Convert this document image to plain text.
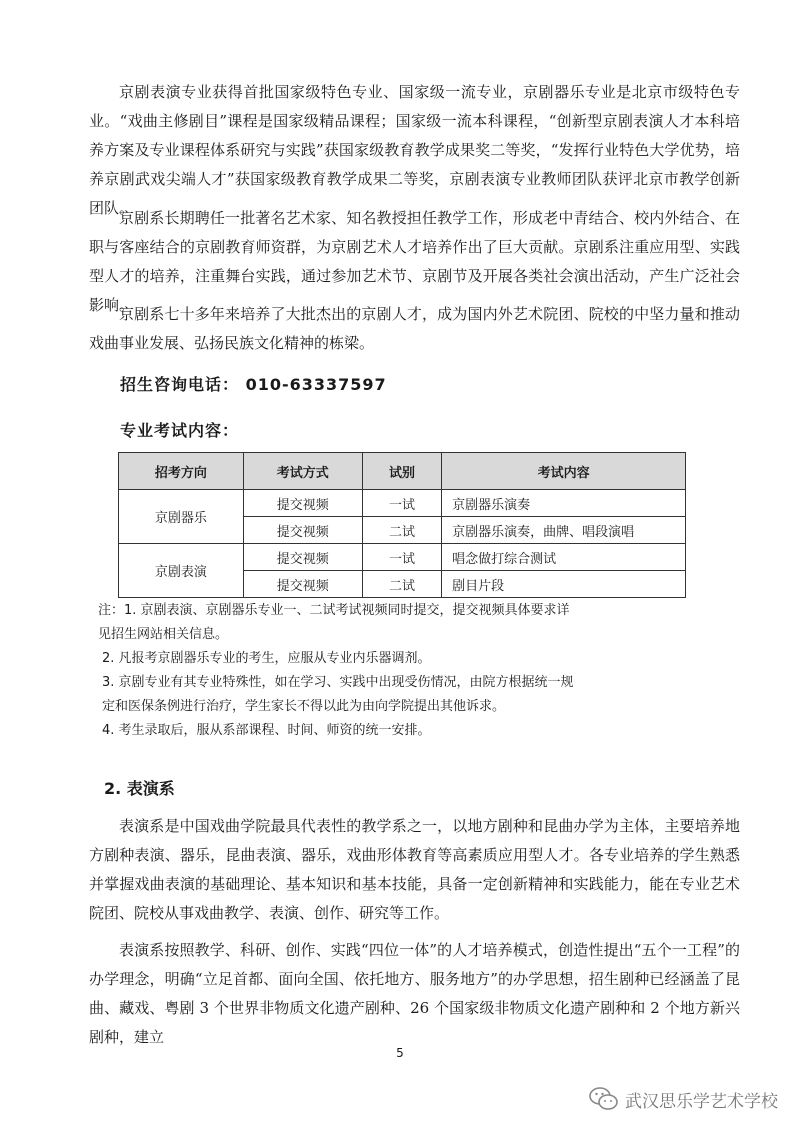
京剧表演专业获得首批国家级特色专业、国家级一流专业，京剧器乐专业是北京市级特色专业。“戏曲主修剧目”课程是国家级精品课程；国家级一流本科课程，“创新型京剧表演人才本科培养方案及专业课程体系研究与实践”获国家级教育教学成果奖二等奖，“发挥行业特色大学优势，培养京剧武戏尖端人才”获国家级教育教学成果二等奖，京剧表演专业教师团队获评北京市教学创新团队。

京剧系长期聘任一批著名艺术家、知名教授担任教学工作，形成老中青结合、校内外结合、在职与客座结合的京剧教育师资群，为京剧艺术人才培养作出了巨大贡献。京剧系注重应用型、实践型人才的培养，注重舞台实践，通过参加艺术节、京剧节及开展各类社会演出活动，产生广泛社会影响。

京剧系七十多年来培养了大批杰出的京剧人才，成为国内外艺术院团、院校的中坚力量和推动戏曲事业发展、弘扬民族文化精神的栋梁。

招生咨询电话： 010-63337597
专业考试内容：
招考方向	考试方式	试别	考试内容
京剧器乐	提交视频	一试	京剧器乐演奏
	提交视频	二试	京剧器乐演奏，曲牌、唱段演唱
京剧表演	提交视频	一试	唱念做打综合测试
	提交视频	二试	剧目片段
注：1. 京剧表演、京剧器乐专业一、二试考试视频同时提交，提交视频具体要求详
见招生网站相关信息。
2. 凡报考京剧器乐专业的考生，应服从专业内乐器调剂。
3. 京剧专业有其专业特殊性，如在学习、实践中出现受伤情况，由院方根据统一规
定和医保条例进行治疗，学生家长不得以此为由向学院提出其他诉求。
4. 考生录取后，服从系部课程、时间、师资的统一安排。
2. 表演系

表演系是中国戏曲学院最具代表性的教学系之一，以地方剧种和昆曲办学为主体，主要培养地方剧种表演、器乐，昆曲表演、器乐，戏曲形体教育等高素质应用型人才。各专业培养的学生熟悉并掌握戏曲表演的基础理论、基本知识和基本技能，具备一定创新精神和实践能力，能在专业艺术院团、院校从事戏曲教学、表演、创作、研究等工作。

表演系按照教学、科研、创作、实践“四位一体”的人才培养模式，创造性提出“五个一工程”的办学理念，明确“立足首都、面向全国、依托地方、服务地方”的办学思想，招生剧种已经涵盖了昆曲、藏戏、粤剧 3 个世界非物质文化遗产剧种、26 个国家级非物质文化遗产剧种和 2 个地方新兴剧种，建立

5
武汉思乐学艺术学校
